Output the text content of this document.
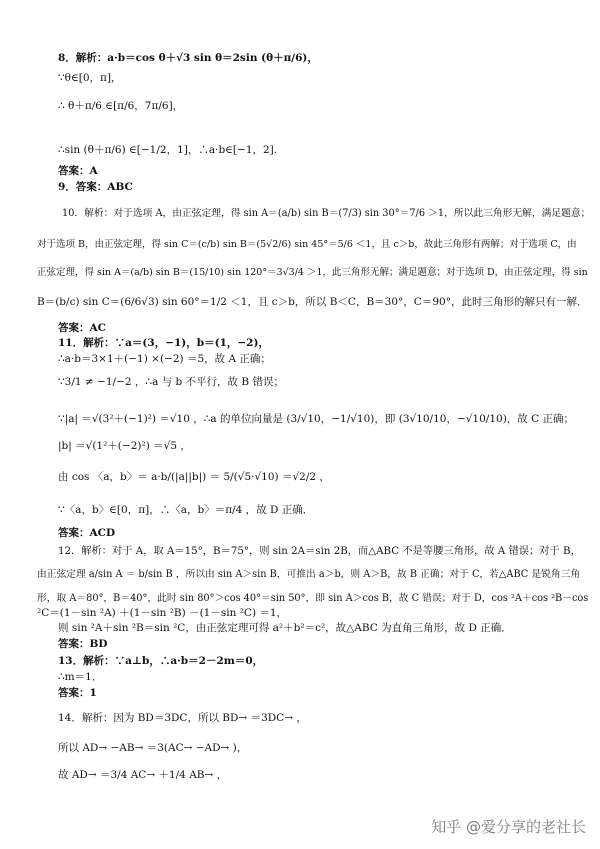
8．解析：a·b＝cos θ＋√3 sin θ＝2sin (θ＋π/6)，
∵θ∈[0，π]，
∴ θ＋π/6 ∈[π/6，7π/6]，
∴sin (θ＋π/6) ∈[−1/2，1]，∴a·b∈[−1，2].
答案：A
9．答案：ABC
10．解析：对于选项 A，由正弦定理，得 sin A＝(a/b) sin B＝(7/3) sin 30°＝7/6 ＞1，所以此三角形无解，满足题意；
对于选项 B，由正弦定理，得 sin C＝(c/b) sin B＝(5√2/6) sin 45°＝5/6 ＜1，且 c＞b，故此三角形有两解；对于选项 C，由
正弦定理，得 sin A＝(a/b) sin B＝(15/10) sin 120°＝3√3/4 ＞1，此三角形无解；满足题意；对于选项 D，由正弦定理，得 sin
B＝(b/c) sin C＝(6/6√3) sin 60°＝1/2 ＜1，且 c＞b，所以 B＜C，B＝30°，C＝90°，此时三角形的解只有一解．
答案：AC
11．解析：∵a＝(3，−1)，b＝(1，−2)，
∴a·b＝3×1＋(−1) ×(−2) ＝5，故 A 正确；
∵3/1 ≠ −1/−2 ，∴a 与 b 不平行，故 B 错误；
∵|a| ＝√(3²＋(−1)²) ＝√10 ，∴a 的单位向量是 (3/√10，−1/√10)，即 (3√10/10，−√10/10)，故 C 正确；
|b| ＝√(1²＋(−2)²) ＝√5 ，
由 cos 〈a，b〉＝ a·b/(|a||b|) ＝ 5/(√5·√10) ＝√2/2 ，
∵〈a，b〉∈[0，π]，∴〈a，b〉＝π/4 ，故 D 正确．
答案：ACD
12．解析：对于 A，取 A＝15°，B＝75°，则 sin 2A＝sin 2B，而△ABC 不是等腰三角形，故 A 错误；对于 B，
由正弦定理 a/sin A ＝ b/sin B ，所以由 sin A＞sin B，可推出 a＞b，则 A＞B，故 B 正确；对于 C，若△ABC 是锐角三角
形，取 A＝80°，B＝40°，此时 sin 80°＞cos 40°＝sin 50°，即 sin A＞cos B，故 C 错误；对于 D，cos ²A＋cos ²B－cos
²C＝(1－sin ²A) ＋(1－sin ²B) －(1－sin ²C) ＝1，
则 sin ²A＋sin ²B＝sin ²C，由正弦定理可得 a²＋b²＝c²，故△ABC 为直角三角形，故 D 正确．
答案：BD
13．解析：∵a⊥b，∴a·b＝2－2m＝0，
∴m＝1．
答案：1
14．解析：因为 BD＝3DC，所以 BD→ ＝3DC→ ，
所以 AD→ −AB→ ＝3(AC→ −AD→ )，
故 AD→ ＝3/4 AC→ ＋1/4 AB→ ，
知乎 @爱分享的老社长
